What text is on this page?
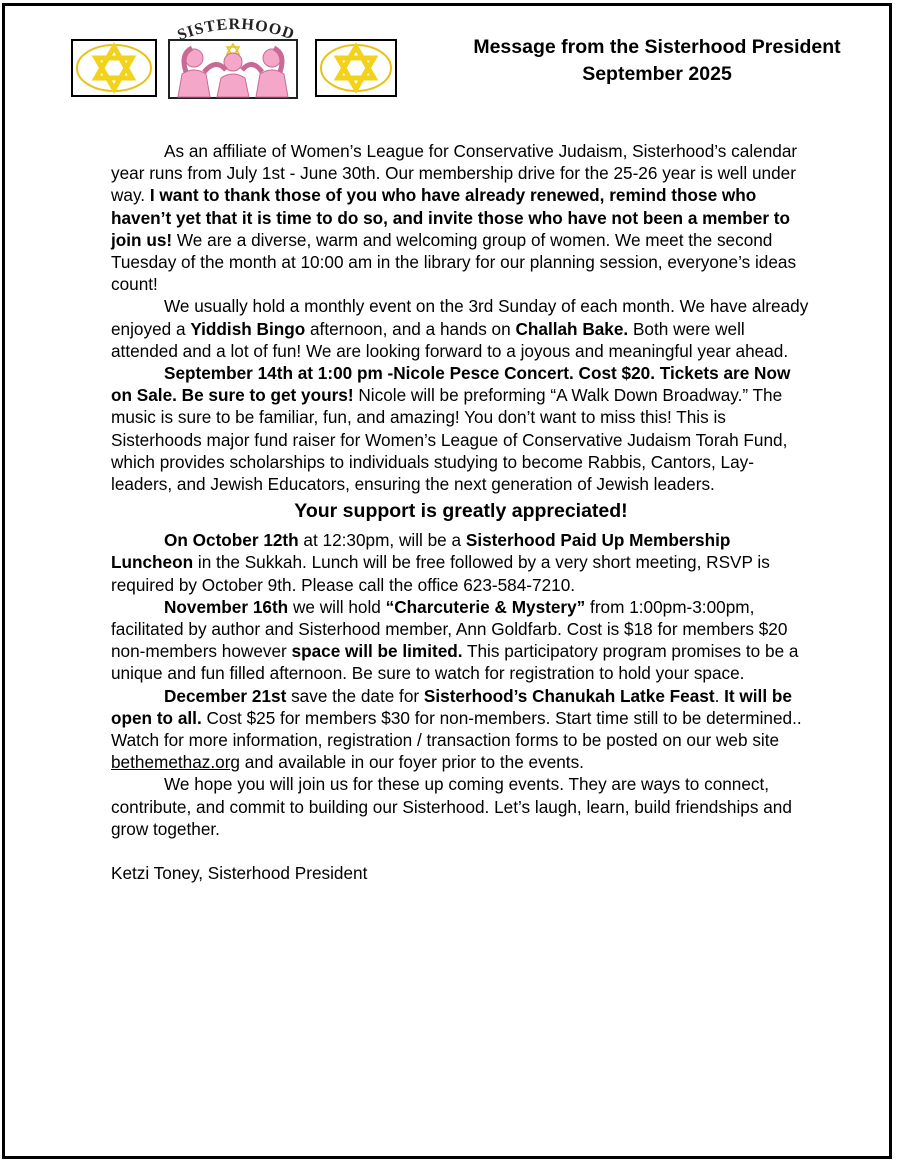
SISTERHOOD
Message from the Sisterhood President
September 2025

As an affiliate of Women’s League for Conservative Judaism, Sisterhood’s calendar year runs from July 1st - June 30th. Our membership drive for the 25-26 year is well under way. I want to thank those of you who have already renewed, remind those who haven’t yet that it is time to do so, and invite those who have not been a member to join us! We are a diverse, warm and welcoming group of women. We meet the second Tuesday of the month at 10:00 am in the library for our planning session, everyone’s ideas count!

We usually hold a monthly event on the 3rd Sunday of each month. We have already enjoyed a Yiddish Bingo afternoon, and a hands on Challah Bake. Both were well attended and a lot of fun! We are looking forward to a joyous and meaningful year ahead.

September 14th at 1:00 pm -Nicole Pesce Concert. Cost $20. Tickets are Now on Sale. Be sure to get yours! Nicole will be preforming “A Walk Down Broadway.” The music is sure to be familiar, fun, and amazing! You don’t want to miss this! This is Sisterhoods major fund raiser for Women’s League of Conservative Judaism Torah Fund, which provides scholarships to individuals studying to become Rabbis, Cantors, Lay-leaders, and Jewish Educators, ensuring the next generation of Jewish leaders.

Your support is greatly appreciated!

On October 12th at 12:30pm, will be a Sisterhood Paid Up Membership Luncheon in the Sukkah. Lunch will be free followed by a very short meeting, RSVP is required by October 9th. Please call the office 623-584-7210.

November 16th we will hold “Charcuterie & Mystery” from 1:00pm-3:00pm, facilitated by author and Sisterhood member, Ann Goldfarb. Cost is $18 for members $20 non-members however space will be limited. This participatory program promises to be a unique and fun filled afternoon. Be sure to watch for registration to hold your space.

December 21st save the date for Sisterhood’s Chanukah Latke Feast. It will be open to all. Cost $25 for members $30 for non-members. Start time still to be determined.. Watch for more information, registration / transaction forms to be posted on our web site bethemethaz.org and available in our foyer prior to the events.

We hope you will join us for these up coming events. They are ways to connect, contribute, and commit to building our Sisterhood. Let’s laugh, learn, build friendships and grow together.

Ketzi Toney, Sisterhood President
